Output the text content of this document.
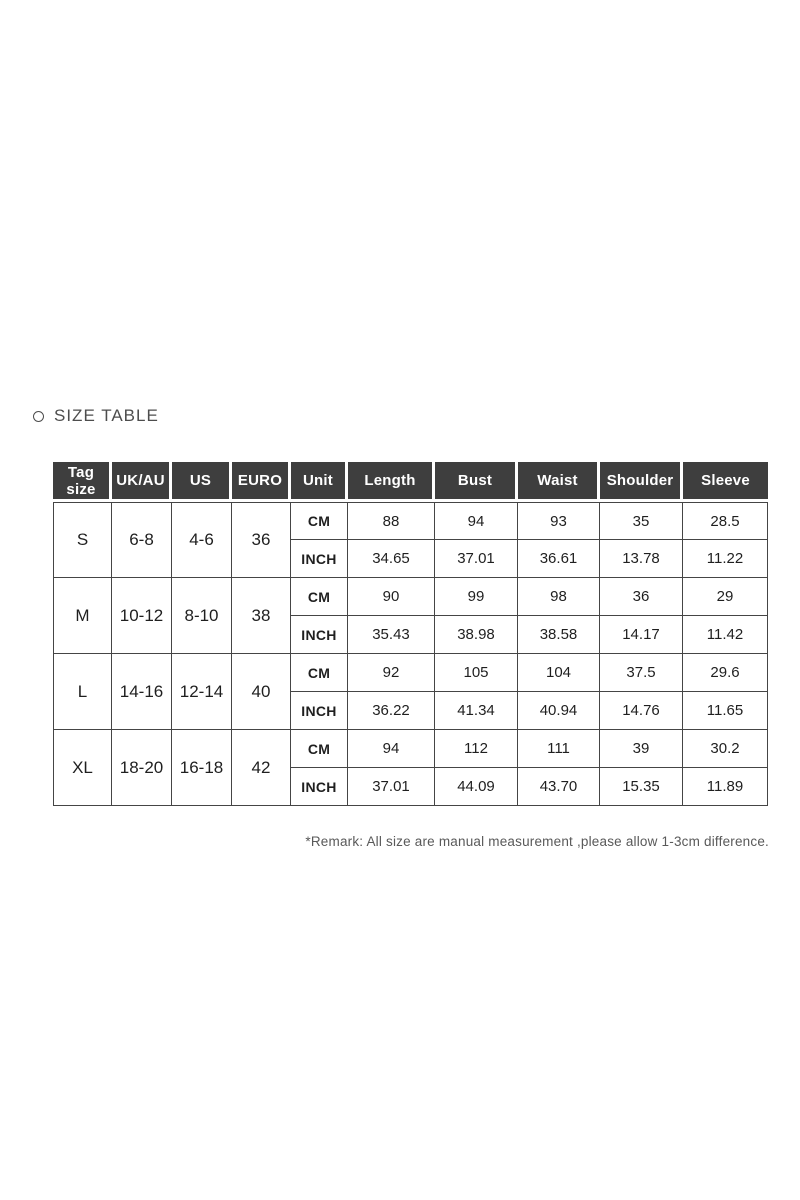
SIZE TABLE
Tag size	UK/AU	US	EURO	Unit	Length	Bust	Waist	Shoulder	Sleeve
S	6-8	4-6	36	CM	88	94	93	35	28.5
				INCH	34.65	37.01	36.61	13.78	11.22
M	10-12	8-10	38	CM	90	99	98	36	29
				INCH	35.43	38.98	38.58	14.17	11.42
L	14-16	12-14	40	CM	92	105	104	37.5	29.6
				INCH	36.22	41.34	40.94	14.76	11.65
XL	18-20	16-18	42	CM	94	112	111	39	30.2
				INCH	37.01	44.09	43.70	15.35	11.89
*Remark: All size are manual measurement ,please allow 1-3cm difference.
